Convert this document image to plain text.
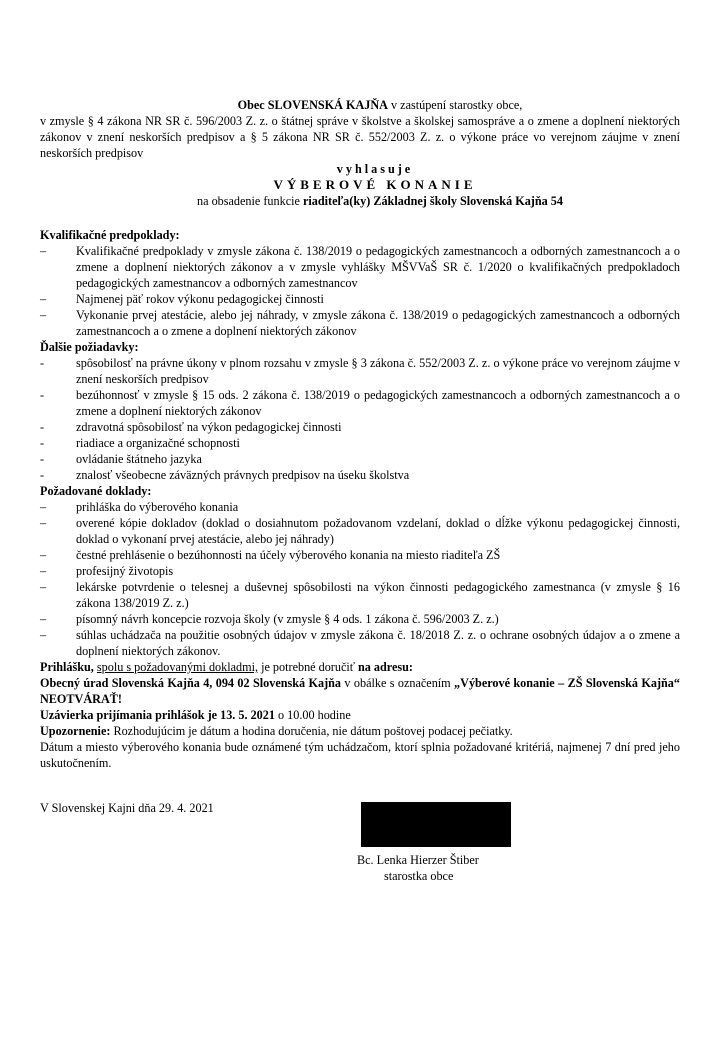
Obec SLOVENSKÁ KAJŇA v zastúpení starostky obce,
v zmysle § 4 zákona NR SR č. 596/2003 Z. z. o štátnej správe v školstve a školskej samospráve a o zmene a doplnení niektorých zákonov v znení neskorších predpisov a § 5 zákona NR SR č. 552/2003 Z. z. o výkone práce vo verejnom záujme v znení neskorších predpisov
vyhlasuje
VÝBEROVÉ KONANIE
na obsadenie funkcie riaditeľa(ky) Základnej školy Slovenská Kajňa 54
Kvalifikačné predpoklady:
–	Kvalifikačné predpoklady v zmysle zákona č. 138/2019 o pedagogických zamestnancoch a odborných zamestnancoch a o zmene a doplnení niektorých zákonov a v zmysle vyhlášky MŠVVaŠ SR č. 1/2020 o kvalifikačných predpokladoch pedagogických zamestnancov a odborných zamestnancov
–	Najmenej päť rokov výkonu pedagogickej činnosti
–	Vykonanie prvej atestácie, alebo jej náhrady, v zmysle zákona č. 138/2019 o pedagogických zamestnancoch a odborných zamestnancoch a o zmene a doplnení niektorých zákonov
Ďalšie požiadavky:
-	spôsobilosť na právne úkony v plnom rozsahu v zmysle § 3 zákona č. 552/2003 Z. z. o výkone práce vo verejnom záujme v znení neskorších predpisov
-	bezúhonnosť v zmysle § 15 ods. 2 zákona č. 138/2019 o pedagogických zamestnancoch a odborných zamestnancoch a o zmene a doplnení niektorých zákonov
-	zdravotná spôsobilosť na výkon pedagogickej činnosti
-	riadiace a organizačné schopnosti
-	ovládanie štátneho jazyka
-	znalosť všeobecne záväzných právnych predpisov na úseku školstva
Požadované doklady:
–	prihláška do výberového konania
–	overené kópie dokladov (doklad o dosiahnutom požadovanom vzdelaní, doklad o dĺžke výkonu pedagogickej činnosti, doklad o vykonaní prvej atestácie, alebo jej náhrady)
–	čestné prehlásenie o bezúhonnosti na účely výberového konania na miesto riaditeľa ZŠ
–	profesijný životopis
–	lekárske potvrdenie o telesnej a duševnej spôsobilosti na výkon činnosti pedagogického zamestnanca (v zmysle § 16 zákona 138/2019 Z. z.)
–	písomný návrh koncepcie rozvoja školy (v zmysle § 4 ods. 1 zákona č. 596/2003 Z. z.)
–	súhlas uchádzača na použitie osobných údajov v zmysle zákona č. 18/2018 Z. z. o ochrane osobných údajov a o zmene a doplnení niektorých zákonov.
Prihlášku, spolu s požadovanými dokladmi, je potrebné doručiť na adresu:
Obecný úrad Slovenská Kajňa 4, 094 02 Slovenská Kajňa v obálke s označením „Výberové konanie – ZŠ Slovenská Kajňa“ NEOTVÁRAŤ!
Uzávierka prijímania prihlášok je 13. 5. 2021 o 10.00 hodine
Upozornenie: Rozhodujúcim je dátum a hodina doručenia, nie dátum poštovej podacej pečiatky.
Dátum a miesto výberového konania bude oznámené tým uchádzačom, ktorí splnia požadované kritériá, najmenej 7 dní pred jeho uskutočnením.
V Slovenskej Kajni dňa 29. 4. 2021
Bc. Lenka Hierzer Štiber
starostka obce
